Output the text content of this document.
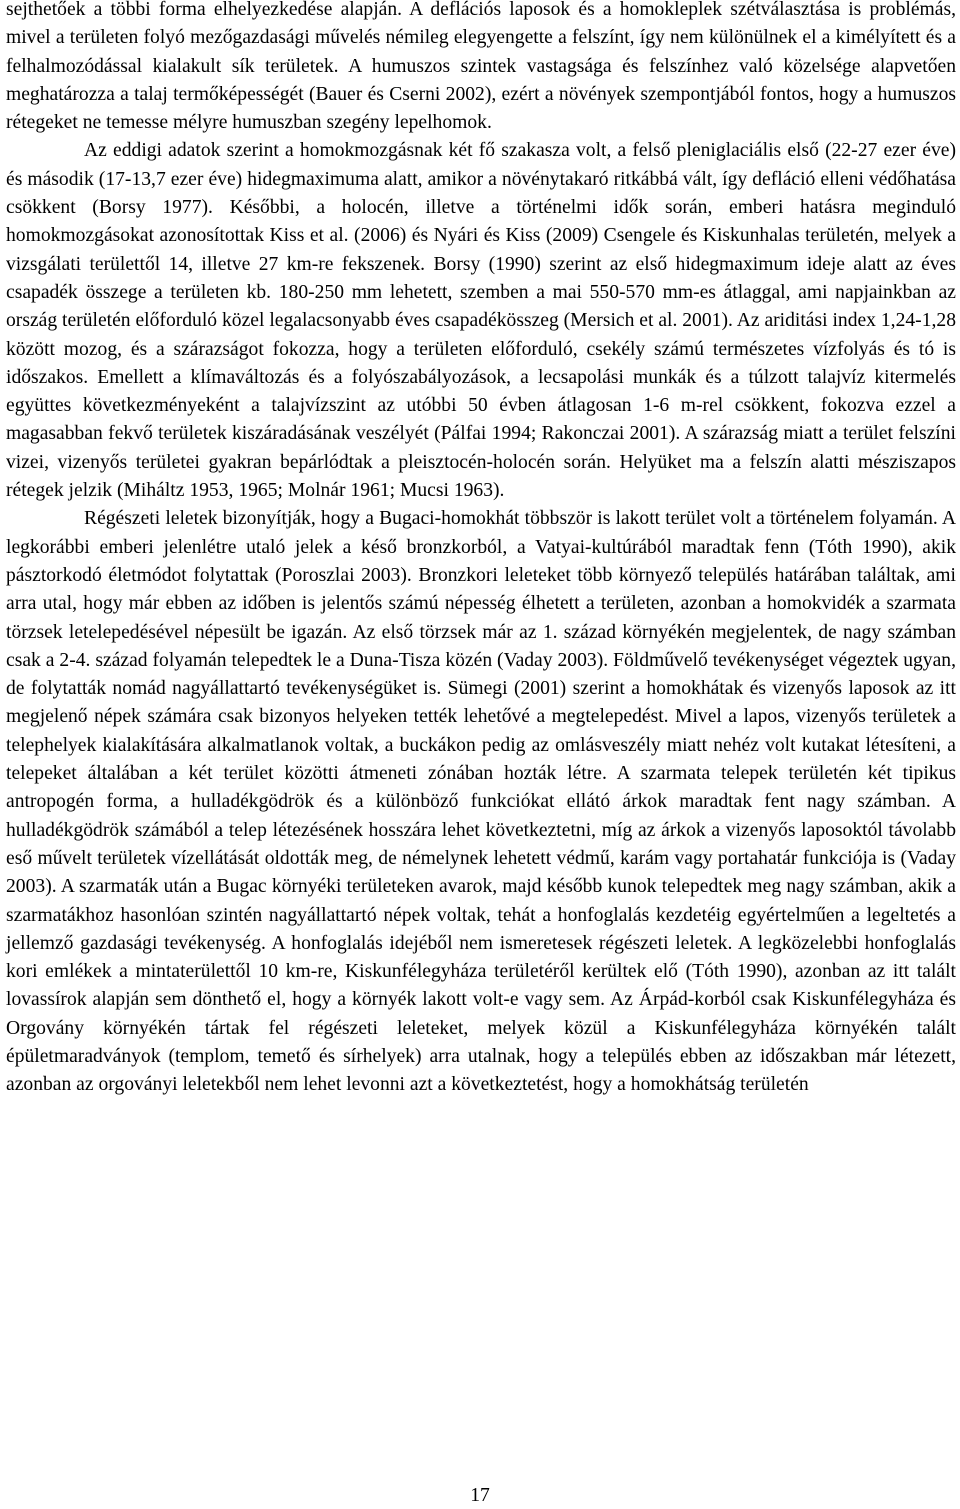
sejthetőek a többi forma elhelyezkedése alapján. A deflációs laposok és a homokleplek szétválasztása is problémás, mivel a területen folyó mezőgazdasági művelés némileg elegyengette a felszínt, így nem különülnek el a kimélyített és a felhalmozódással kialakult sík területek. A humuszos szintek vastagsága és felszínhez való közelsége alapvetően meghatározza a talaj termőképességét (Bauer és Cserni 2002), ezért a növények szempontjából fontos, hogy a humuszos rétegeket ne temesse mélyre humuszban szegény lepelhomok.

Az eddigi adatok szerint a homokmozgásnak két fő szakasza volt, a felső pleniglaciális első (22-27 ezer éve) és második (17-13,7 ezer éve) hidegmaximuma alatt, amikor a növénytakaró ritkábbá vált, így defláció elleni védőhatása csökkent (Borsy 1977). Későbbi, a holocén, illetve a történelmi idők során, emberi hatásra meginduló homokmozgásokat azonosítottak Kiss et al. (2006) és Nyári és Kiss (2009) Csengele és Kiskunhalas területén, melyek a vizsgálati területtől 14, illetve 27 km-re fekszenek. Borsy (1990) szerint az első hidegmaximum ideje alatt az éves csapadék összege a területen kb. 180-250 mm lehetett, szemben a mai 550-570 mm-es átlaggal, ami napjainkban az ország területén előforduló közel legalacsonyabb éves csapadékösszeg (Mersich et al. 2001). Az ariditási index 1,24-1,28 között mozog, és a szárazságot fokozza, hogy a területen előforduló, csekély számú természetes vízfolyás és tó is időszakos. Emellett a klímaváltozás és a folyószabályozások, a lecsapolási munkák és a túlzott talajvíz kitermelés együttes következményeként a talajvízszint az utóbbi 50 évben átlagosan 1-6 m-rel csökkent, fokozva ezzel a magasabban fekvő területek kiszáradásának veszélyét (Pálfai 1994; Rakonczai 2001). A szárazság miatt a terület felszíni vizei, vizenyős területei gyakran bepárlódtak a pleisztocén-holocén során. Helyüket ma a felszín alatti mésziszapos rétegek jelzik (Miháltz 1953, 1965; Molnár 1961; Mucsi 1963).

Régészeti leletek bizonyítják, hogy a Bugaci-homokhát többször is lakott terület volt a történelem folyamán. A legkorábbi emberi jelenlétre utaló jelek a késő bronzkorból, a Vatyai-kultúrából maradtak fenn (Tóth 1990), akik pásztorkodó életmódot folytattak (Poroszlai 2003). Bronzkori leleteket több környező település határában találtak, ami arra utal, hogy már ebben az időben is jelentős számú népesség élhetett a területen, azonban a homokvidék a szarmata törzsek letelepedésével népesült be igazán. Az első törzsek már az 1. század környékén megjelentek, de nagy számban csak a 2-4. század folyamán telepedtek le a Duna-Tisza közén (Vaday 2003). Földművelő tevékenységet végeztek ugyan, de folytatták nomád nagyállattartó tevékenységüket is. Sümegi (2001) szerint a homokhátak és vizenyős laposok az itt megjelenő népek számára csak bizonyos helyeken tették lehetővé a megtelepedést. Mivel a lapos, vizenyős területek a telephelyek kialakítására alkalmatlanok voltak, a buckákon pedig az omlásveszély miatt nehéz volt kutakat létesíteni, a telepeket általában a két terület közötti átmeneti zónában hozták létre. A szarmata telepek területén két tipikus antropogén forma, a hulladékgödrök és a különböző funkciókat ellátó árkok maradtak fent nagy számban. A hulladékgödrök számából a telep létezésének hosszára lehet következtetni, míg az árkok a vizenyős laposoktól távolabb eső művelt területek vízellátását oldották meg, de némelynek lehetett védmű, karám vagy portahatár funkciója is (Vaday 2003). A szarmaták után a Bugac környéki területeken avarok, majd később kunok telepedtek meg nagy számban, akik a szarmatákhoz hasonlóan szintén nagyállattartó népek voltak, tehát a honfoglalás kezdetéig egyértelműen a legeltetés a jellemző gazdasági tevékenység. A honfoglalás idejéből nem ismeretesek régészeti leletek. A legközelebbi honfoglalás kori emlékek a mintaterülettől 10 km-re, Kiskunfélegyháza területéről kerültek elő (Tóth 1990), azonban az itt talált lovassírok alapján sem dönthető el, hogy a környék lakott volt-e vagy sem. Az Árpád-korból csak Kiskunfélegyháza és Orgovány környékén tártak fel régészeti leleteket, melyek közül a Kiskunfélegyháza környékén talált épületmaradványok (templom, temető és sírhelyek) arra utalnak, hogy a település ebben az időszakban már létezett, azonban az orgoványi leletekből nem lehet levonni azt a következtetést, hogy a homokhátság területén

17
